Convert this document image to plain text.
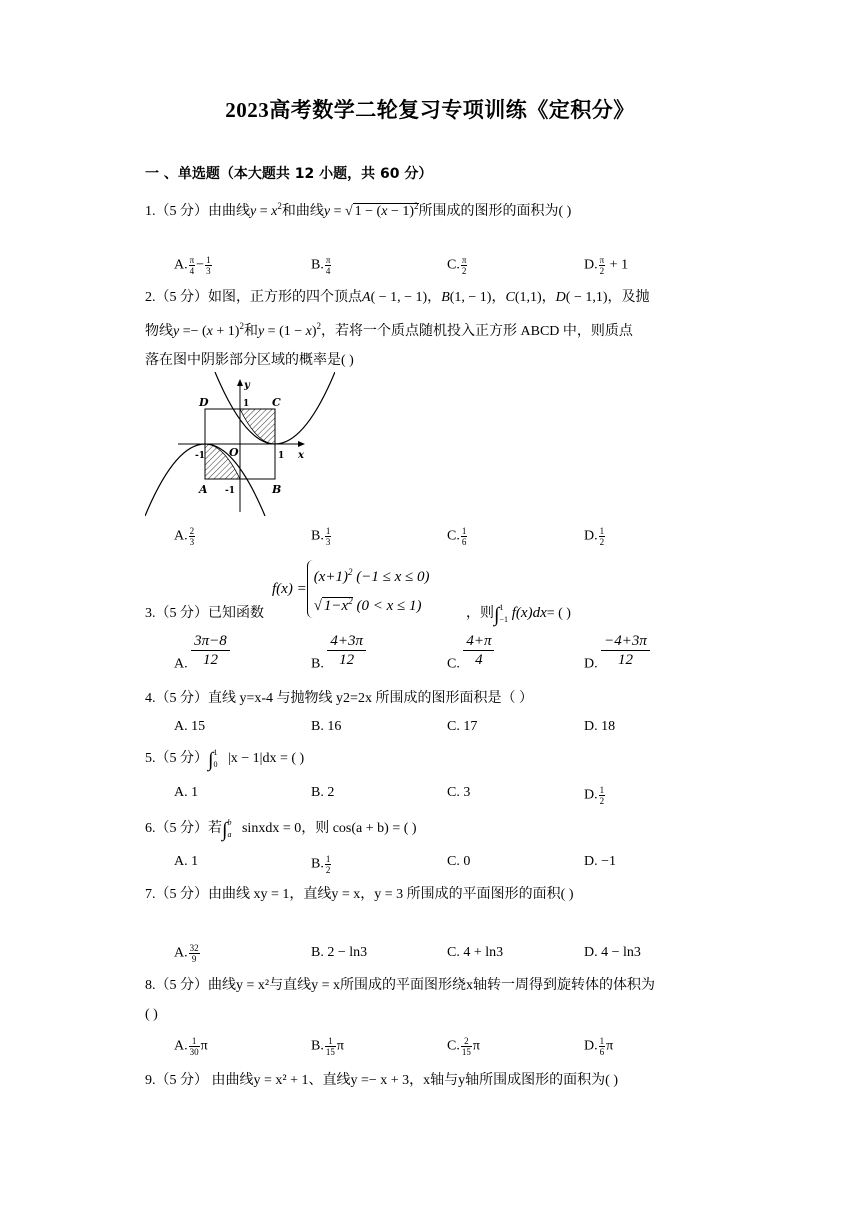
2023高考数学二轮复习专项训练《定积分》
一 、单选题（本大题共 12 小题，共 60 分）
1.（5 分）由曲线$y = x^2$和曲线y = √ $1 - (x - 1)^2$所围成的图形的面积为( )
A. $\frac{\pi}{4} - \frac{1}{3}$	B. $\frac{\pi}{4}$	C. $\frac{\pi}{2}$	D. $\frac{\pi}{2} + 1$
2.（5 分）如图，正方形的四个顶点A( − 1, − 1)，B(1, − 1)，C(1,1)，D( − 1,1)，及抛
物线$y =- (x + 1)^2$和$y = (1 - x)^2$，若将一个质点随机投入正方形 ABCD 中，则质点
落在图中阴影部分区域的概率是( )
D	C
A	B
O
y
x
1
1
-1
-1
A. $\frac{2}{3}$	B. $\frac{1}{3}$	C. $\frac{1}{6}$	D. $\frac{1}{2}$
3.（5 分）已知函数
f(x) =
$(x+1)^2$ (−1 ≤ x ≤ 0)
√ $1-x^2$ (0 < x ≤ 1)	，则∫ 1
−1 f(x)dx= ( )
A. $\frac{3\pi-8}{12}$	B. $\frac{4+3\pi}{12}$	C. $\frac{4+\pi}{4}$	D. $\frac{-4+3\pi}{12}$
4.（5 分）直线 y=x-4 与抛物线 y2=2x 所围成的图形面积是（ ）
A. 15	B. 16	C. 17	D. 18
5.（5 分）∫ 1
0 |x − 1|dx = ( )
A. 1	B. 2	C. 3	D. $\frac{1}{2}$
6.（5 分）若∫ b
a sinxdx = 0，则 cos(a + b) = ( )
A. 1	B. $\frac{1}{2}$	C. 0	D. −1
7.（5 分）由曲线 xy = 1，直线y = x，y = 3 所围成的平面图形的面积( )
A. $\frac{32}{9}$	B. 2 − ln3	C. 4 + ln3	D. 4 − ln3
8.（5 分）曲线y = x²与直线y = x所围成的平面图形绕x轴转一周得到旋转体的体积为
( )
A. $\frac{1}{30}$ π	B. $\frac{1}{15}$ π	C. $\frac{2}{15}$ π	D. $\frac{1}{6}$ π
9.（5 分） 由曲线y = x² + 1、直线y =− x + 3，x轴与y轴所围成图形的面积为( )
